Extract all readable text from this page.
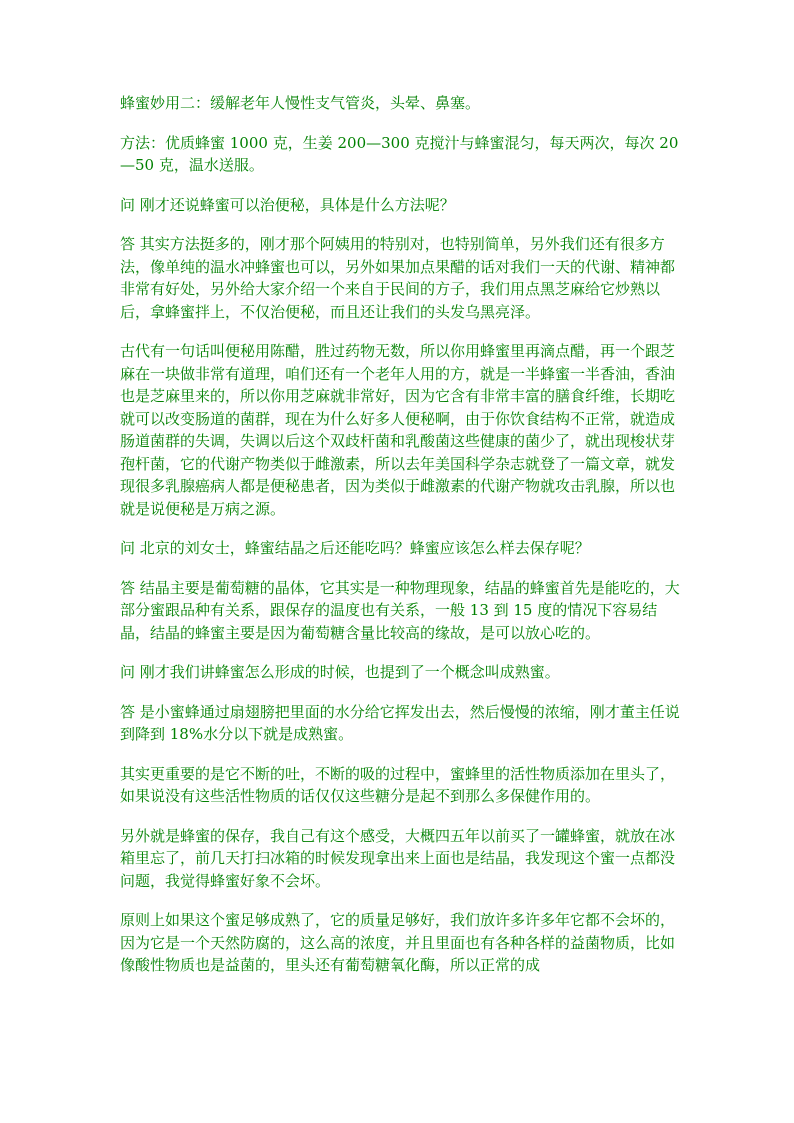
蜂蜜妙用二：缓解老年人慢性支气管炎，头晕、鼻塞。

方法：优质蜂蜜 1000 克，生姜 200—300 克搅汁与蜂蜜混匀，每天两次，每次 20—50 克，温水送服。

问 刚才还说蜂蜜可以治便秘，具体是什么方法呢？

答 其实方法挺多的，刚才那个阿姨用的特别对，也特别简单，另外我们还有很多方法，像单纯的温水冲蜂蜜也可以，另外如果加点果醋的话对我们一天的代谢、精神都非常有好处，另外给大家介绍一个来自于民间的方子，我们用点黑芝麻给它炒熟以后，拿蜂蜜拌上，不仅治便秘，而且还让我们的头发乌黑亮泽。

古代有一句话叫便秘用陈醋，胜过药物无数，所以你用蜂蜜里再滴点醋，再一个跟芝麻在一块做非常有道理，咱们还有一个老年人用的方，就是一半蜂蜜一半香油，香油也是芝麻里来的，所以你用芝麻就非常好，因为它含有非常丰富的膳食纤维，长期吃就可以改变肠道的菌群，现在为什么好多人便秘啊，由于你饮食结构不正常，就造成

肠道菌群的失调，失调以后这个双歧杆菌和乳酸菌这些健康的菌少了，就出现梭状芽孢杆菌，它的代谢产物类似于雌激素，所以去年美国科学杂志就登了一篇文章，就发现很多乳腺癌病人都是便秘患者，因为类似于雌激素的代谢产物就攻击乳腺，所以也就是说便秘是万病之源。

问 北京的刘女士，蜂蜜结晶之后还能吃吗？蜂蜜应该怎么样去保存呢？

答 结晶主要是葡萄糖的晶体，它其实是一种物理现象，结晶的蜂蜜首先是能吃的，大部分蜜跟品种有关系，跟保存的温度也有关系，一般 13 到 15 度的情况下容易结晶，结晶的蜂蜜主要是因为葡萄糖含量比较高的缘故，是可以放心吃的。

问 刚才我们讲蜂蜜怎么形成的时候，也提到了一个概念叫成熟蜜。

答 是小蜜蜂通过扇翅膀把里面的水分给它挥发出去，然后慢慢的浓缩，刚才董主任说到降到 18%水分以下就是成熟蜜。

其实更重要的是它不断的吐，不断的吸的过程中，蜜蜂里的活性物质添加在里头了，如果说没有这些活性物质的话仅仅这些糖分是起不到那么多保健作用的。

另外就是蜂蜜的保存，我自己有这个感受，大概四五年以前买了一罐蜂蜜，就放在冰箱里忘了，前几天打扫冰箱的时候发现拿出来上面也是结晶，我发现这个蜜一点都没问题，我觉得蜂蜜好象不会坏。

原则上如果这个蜜足够成熟了，它的质量足够好，我们放许多许多年它都不会坏的，因为它是一个天然防腐的，这么高的浓度，并且里面也有各种各样的益菌物质，比如像酸性物质也是益菌的，里头还有葡萄糖氧化酶，所以正常的成
